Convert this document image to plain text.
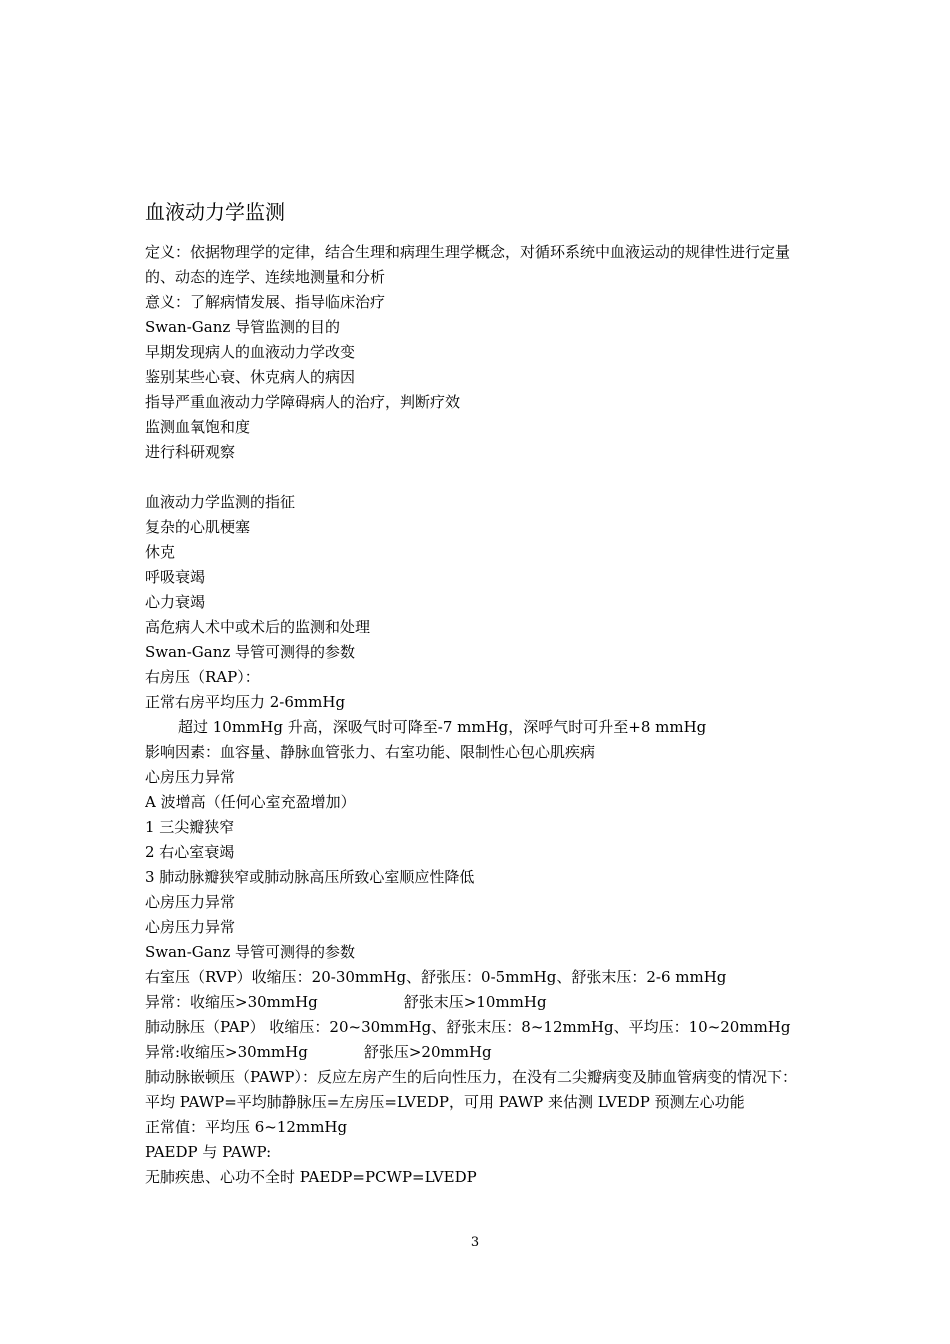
血液动力学监测
定义：依据物理学的定律，结合生理和病理生理学概念，对循环系统中血液运动的规律性进行定量的、动态的连学、连续地测量和分析
意义：了解病情发展、指导临床治疗
Swan-Ganz 导管监测的目的
早期发现病人的血液动力学改变
鉴别某些心衰、休克病人的病因
指导严重血液动力学障碍病人的治疗，判断疗效
监测血氧饱和度
进行科研观察
血液动力学监测的指征
复杂的心肌梗塞
休克
呼吸衰竭
心力衰竭
高危病人术中或术后的监测和处理
Swan-Ganz 导管可测得的参数
右房压（RAP）：
正常右房平均压力 2-6mmHg
超过 10mmHg 升高，深吸气时可降至-7 mmHg，深呼气时可升至+8 mmHg
影响因素：血容量、静脉血管张力、右室功能、限制性心包心肌疾病
心房压力异常
A 波增高（任何心室充盈增加）
1 三尖瓣狭窄
2 右心室衰竭
3 肺动脉瓣狭窄或肺动脉高压所致心室顺应性降低
心房压力异常
心房压力异常
Swan-Ganz 导管可测得的参数
右室压（RVP）收缩压：20-30mmHg、舒张压：0-5mmHg、舒张末压：2-6 mmHg
异常：收缩压>30mmHg	舒张末压>10mmHg
肺动脉压（PAP） 收缩压：20~30mmHg、舒张末压：8~12mmHg、平均压：10~20mmHg
异常:收缩压>30mmHg	舒张压>20mmHg
肺动脉嵌顿压（PAWP）：反应左房产生的后向性压力，在没有二尖瓣病变及肺血管病变的情况下：
平均 PAWP=平均肺静脉压=左房压=LVEDP，可用 PAWP 来估测 LVEDP 预测左心功能
正常值：平均压 6~12mmHg
PAEDP 与 PAWP:
无肺疾患、心功不全时 PAEDP=PCWP=LVEDP
3
